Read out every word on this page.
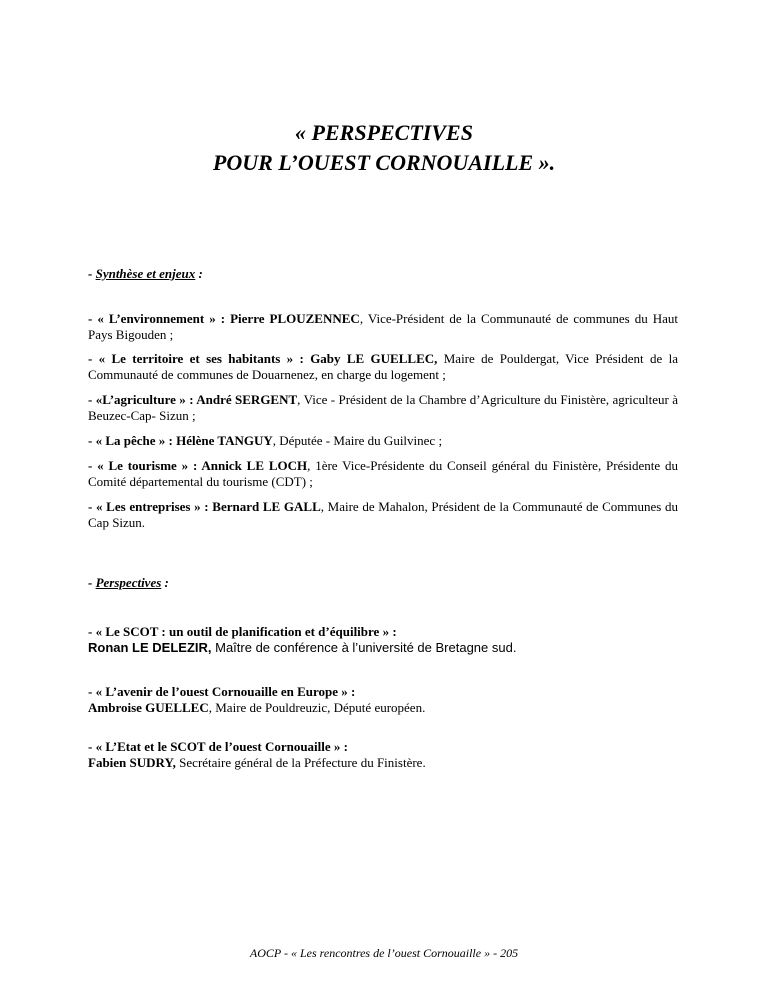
« PERSPECTIVES
POUR L’OUEST CORNOUAILLE ».
- Synthèse et enjeux :
- « L’environnement » : Pierre PLOUZENNEC, Vice-Président de la Communauté de communes du Haut Pays Bigouden ;
- « Le territoire et ses habitants » : Gaby LE GUELLEC, Maire de Pouldergat, Vice Président de la Communauté de communes de Douarnenez, en charge du logement ;
- «L’agriculture » : André SERGENT, Vice - Président de la Chambre d’Agriculture du Finistère, agriculteur à Beuzec-Cap- Sizun ;
- « La pêche » : Hélène TANGUY, Députée - Maire du Guilvinec ;
- « Le tourisme » : Annick LE LOCH, 1ère Vice-Présidente du Conseil général du Finistère, Présidente du Comité départemental du tourisme (CDT) ;
- « Les entreprises » : Bernard LE GALL, Maire de Mahalon, Président de la Communauté de Communes du Cap Sizun.
- Perspectives :
- « Le SCOT : un outil de planification et d’équilibre » :
Ronan LE DELEZIR, Maître de conférence à l’université de Bretagne sud.
- « L’avenir de l’ouest Cornouaille en Europe » :
Ambroise GUELLEC, Maire de Pouldreuzic, Député européen.
- « L’Etat et le SCOT de l’ouest Cornouaille » :
Fabien SUDRY, Secrétaire général de la Préfecture du Finistère.
AOCP - « Les rencontres de l’ouest Cornouaille » - 205
